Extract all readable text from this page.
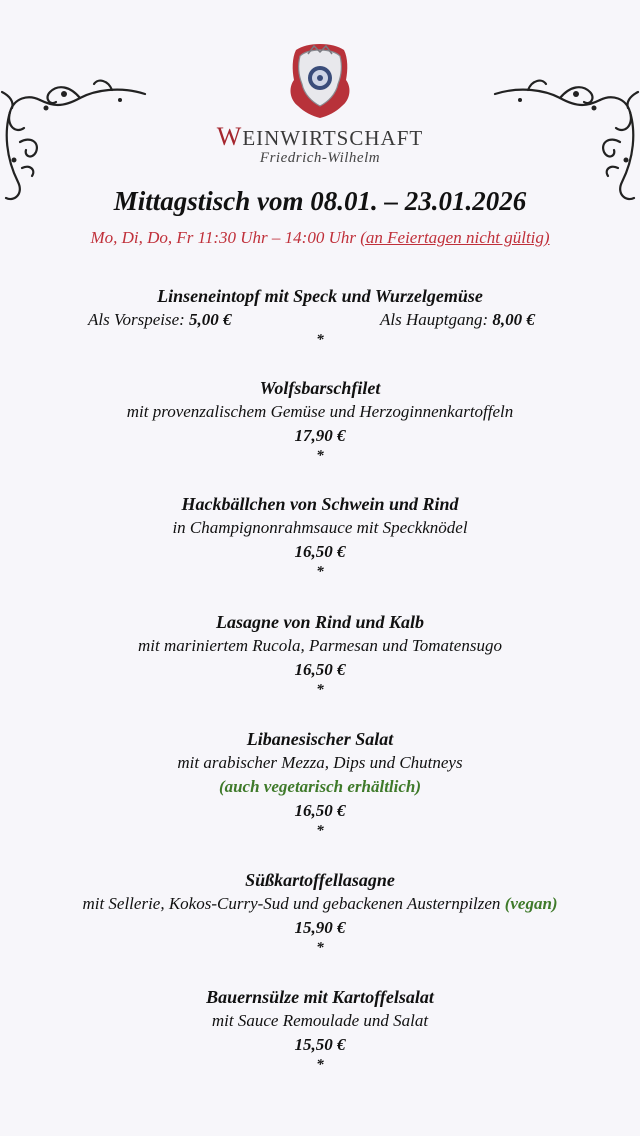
WEINWIRTSCHAFT
Friedrich-Wilhelm
Mittagstisch vom 08.01. – 23.01.2026
Mo, Di, Do, Fr 11:30 Uhr – 14:00 Uhr (an Feiertagen nicht gültig)
Linseneintopf mit Speck und Wurzelgemüse
Als Vorspeise: 5,00 €	Als Hauptgang: 8,00 €
*
Wolfsbarschfilet
mit provenzalischem Gemüse und Herzoginnenkartoffeln
17,90 €
*
Hackbällchen von Schwein und Rind
in Champignonrahmsauce mit Speckknödel
16,50 €
*
Lasagne von Rind und Kalb
mit mariniertem Rucola, Parmesan und Tomatensugo
16,50 €
*
Libanesischer Salat
mit arabischer Mezza, Dips und Chutneys
(auch vegetarisch erhältlich)
16,50 €
*
Süßkartoffellasagne
mit Sellerie, Kokos-Curry-Sud und gebackenen Austernpilzen (vegan)
15,90 €
*
Bauernsülze mit Kartoffelsalat
mit Sauce Remoulade und Salat
15,50 €
*
